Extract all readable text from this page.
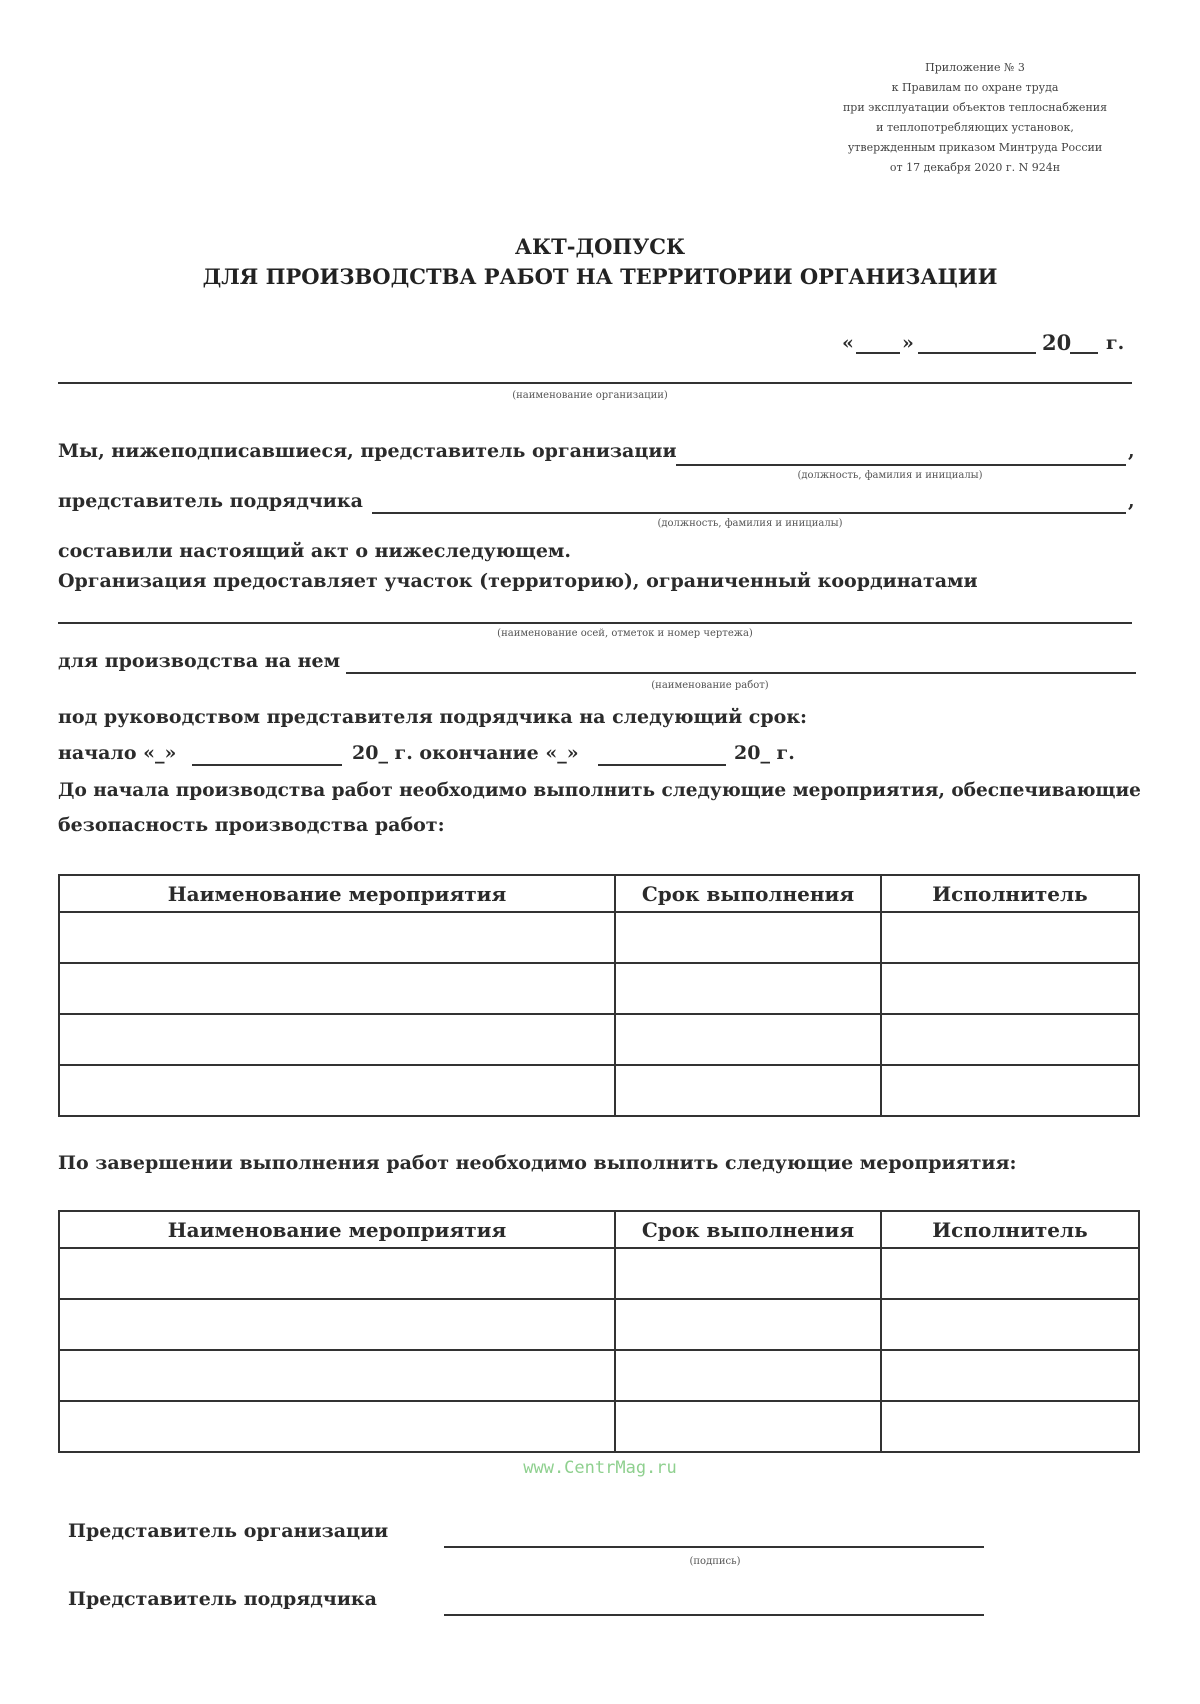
Приложение № 3
к Правилам по охране труда
при эксплуатации объектов теплоснабжения
и теплопотребляющих установок,
утвержденным приказом Минтруда России
от 17 декабря 2020 г. N 924н
АКТ-ДОПУСК
ДЛЯ ПРОИЗВОДСТВА РАБОТ НА ТЕРРИТОРИИ ОРГАНИЗАЦИИ
«	»	20 г.
(наименование организации)
Мы, нижеподписавшиеся, представитель организации	,
(должность, фамилия и инициалы)
представитель подрядчика	,
(должность, фамилия и инициалы)
составили настоящий акт о нижеследующем.
Организация предоставляет участок (территорию), ограниченный координатами
(наименование осей, отметок и номер чертежа)
для производства на нем
(наименование работ)
под руководством представителя подрядчика на следующий срок:
начало «_»	20_ г. окончание «_»	20_ г.
До начала производства работ необходимо выполнить следующие мероприятия, обеспечивающие
безопасность производства работ:
Наименование мероприятия	Срок выполнения	Исполнитель

По завершении выполнения работ необходимо выполнить следующие мероприятия:
Наименование мероприятия	Срок выполнения	Исполнитель

www.CentrMag.ru
Представитель организации
(подпись)
Представитель подрядчика
